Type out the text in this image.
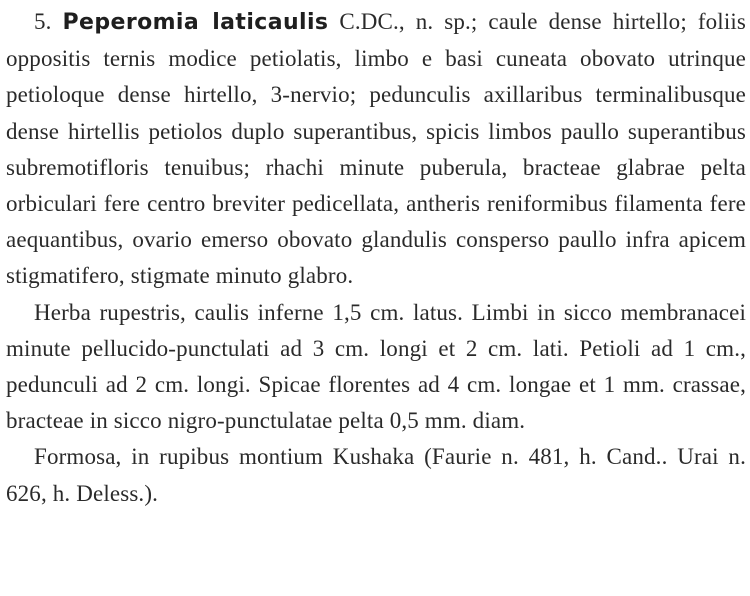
5. Peperomia laticaulis C.DC., n. sp.; caule dense hirtello; foliis oppositis ternis modice petiolatis, limbo e basi cuneata obovato utrinque petioloque dense hirtello, 3-nervio; pedunculis axillaribus terminalibusque dense hirtellis petiolos duplo superantibus, spicis limbos paullo superantibus subremotifloris tenuibus; rhachi minute puberula, bracteae glabrae pelta orbiculari fere centro breviter pedicellata, antheris reniformibus filamenta fere aequantibus, ovario emerso obovato glandulis consperso paullo infra apicem stigmatifero, stigmate minuto glabro.

Herba rupestris, caulis inferne 1,5 cm. latus. Limbi in sicco membranacei minute pellucido-punctulati ad 3 cm. longi et 2 cm. lati. Petioli ad 1 cm., pedunculi ad 2 cm. longi. Spicae florentes ad 4 cm. longae et 1 mm. crassae, bracteae in sicco nigro-punctulatae pelta 0,5 mm. diam.

Formosa, in rupibus montium Kushaka (Faurie n. 481, h. Cand.. Urai n. 626, h. Deless.).
